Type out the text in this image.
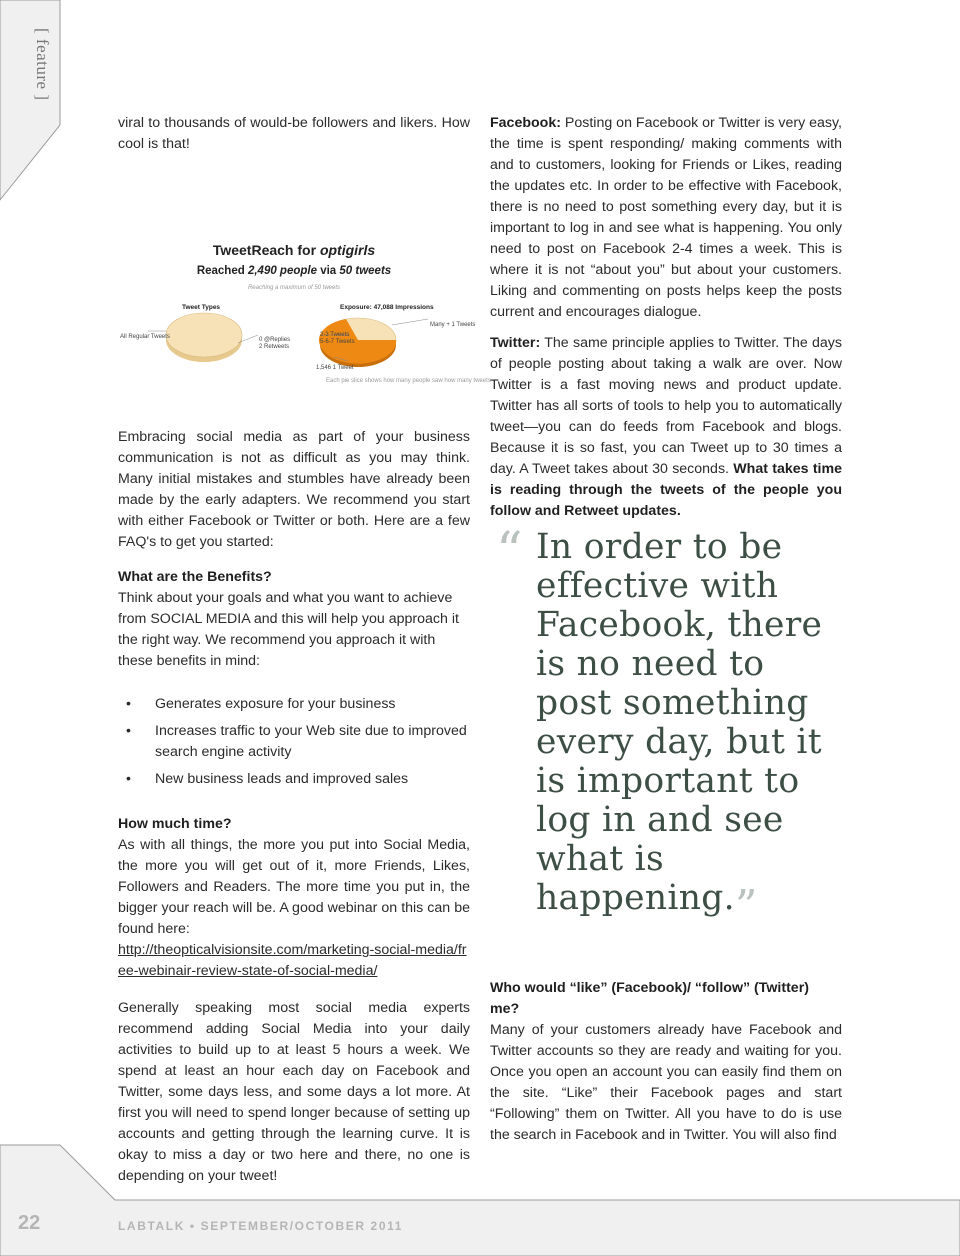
[ feature ]

viral to thousands of would-be followers and likers. How cool is that!

TweetReach for optigirls
Reached 2,490 people via 50 tweets
Reaching a maximum of 50 tweets
Tweet Types	Exposure: 47,088 Impressions
All Regular Tweets	0 @Replies
2 Retweets
2-3 Tweets
5-6-7 Tweets
1,546 1 Tweet
Many + 1 Tweets
Each pie slice shows how many people saw how many tweets

Embracing social media as part of your business communication is not as difficult as you may think. Many initial mistakes and stumbles have already been made by the early adapters. We recommend you start with either Facebook or Twitter or both. Here are a few FAQ's to get you started:

What are the Benefits?

Think about your goals and what you want to achieve from SOCIAL MEDIA and this will help you approach it the right way. We recommend you approach it with these benefits in mind:

• Generates exposure for your business
• Increases traffic to your Web site due to improved search engine activity
• New business leads and improved sales

How much time?

As with all things, the more you put into Social Media, the more you will get out of it, more Friends, Likes, Followers and Readers. The more time you put in, the bigger your reach will be. A good webinar on this can be found here:

http://theopticalvisionsite.com/marketing-social-media/free-webinair-review-state-of-social-media/

Generally speaking most social media experts recommend adding Social Media into your daily activities to build up to at least 5 hours a week. We spend at least an hour each day on Facebook and Twitter, some days less, and some days a lot more. At first you will need to spend longer because of setting up accounts and getting through the learning curve. It is okay to miss a day or two here and there, no one is depending on your tweet!

Facebook: Posting on Facebook or Twitter is very easy, the time is spent responding/ making comments with and to customers, looking for Friends or Likes, reading the updates etc. In order to be effective with Facebook, there is no need to post something every day, but it is important to log in and see what is happening. You only need to post on Facebook 2-4 times a week. This is where it is not “about you” but about your customers. Liking and commenting on posts helps keep the posts current and encourages dialogue.

Twitter: The same principle applies to Twitter. The days of people posting about taking a walk are over. Now Twitter is a fast moving news and product update. Twitter has all sorts of tools to help you to automatically tweet—you can do feeds from Facebook and blogs. Because it is so fast, you can Tweet up to 30 times a day. A Tweet takes about 30 seconds. What takes time is reading through the tweets of the people you follow and Retweet updates.

“ In order to be effective with Facebook, there is no need to post something every day, but it is important to log in and see what is happening.”

Who would “like” (Facebook)/ “follow” (Twitter) me?

Many of your customers already have Facebook and Twitter accounts so they are ready and waiting for you. Once you open an account you can easily find them on the site. “Like” their Facebook pages and start “Following” them on Twitter. All you have to do is use the search in Facebook and in Twitter. You will also find

22	LABTALK • SEPTEMBER/OCTOBER 2011
